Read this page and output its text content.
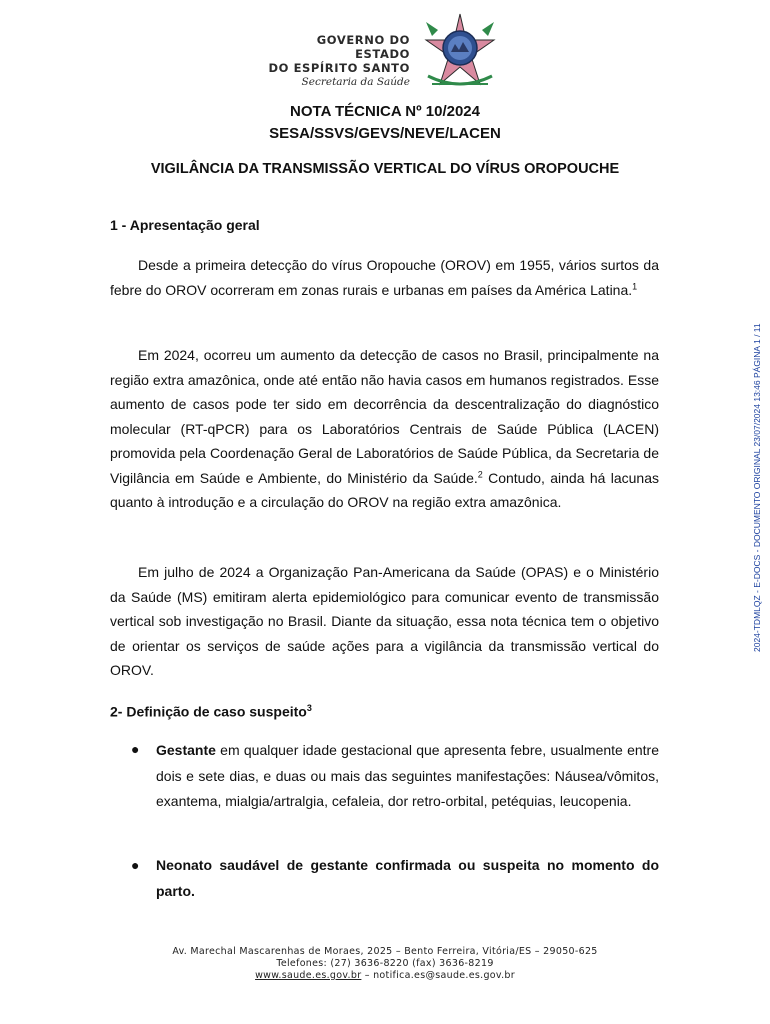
GOVERNO DO ESTADO
DO ESPÍRITO SANTO
Secretaria da Saúde
NOTA TÉCNICA Nº 10/2024
SESA/SSVS/GEVS/NEVE/LACEN
VIGILÂNCIA DA TRANSMISSÃO VERTICAL DO VÍRUS OROPOUCHE
1 - Apresentação geral
Desde a primeira detecção do vírus Oropouche (OROV) em 1955, vários surtos da febre do OROV ocorreram em zonas rurais e urbanas em países da América Latina.$^1$
Em 2024, ocorreu um aumento da detecção de casos no Brasil, principalmente na região extra amazônica, onde até então não havia casos em humanos registrados. Esse aumento de casos pode ter sido em decorrência da descentralização do diagnóstico molecular (RT-qPCR) para os Laboratórios Centrais de Saúde Pública (LACEN) promovida pela Coordenação Geral de Laboratórios de Saúde Pública, da Secretaria de Vigilância em Saúde e Ambiente, do Ministério da Saúde.$^2$ Contudo, ainda há lacunas quanto à introdução e a circulação do OROV na região extra amazônica.
Em julho de 2024 a Organização Pan-Americana da Saúde (OPAS) e o Ministério da Saúde (MS) emitiram alerta epidemiológico para comunicar evento de transmissão vertical sob investigação no Brasil. Diante da situação, essa nota técnica tem o objetivo de orientar os serviços de saúde ações para a vigilância da transmissão vertical do OROV.
2- Definição de caso suspeito$^3$
● Gestante em qualquer idade gestacional que apresenta febre, usualmente entre dois e sete dias, e duas ou mais das seguintes manifestações: Náusea/vômitos, exantema, mialgia/artralgia, cefaleia, dor retro-orbital, petéquias, leucopenia.
● Neonato saudável de gestante confirmada ou suspeita no momento do parto.
2024-TDMLQZ - E-DOCS - DOCUMENTO ORIGINAL 23/07/2024 13:46 PÁGINA 1 / 11
Av. Marechal Mascarenhas de Moraes, 2025 – Bento Ferreira, Vitória/ES – 29050-625
Telefones: (27) 3636-8220 (fax) 3636-8219
www.saude.es.gov.br – notifica.es@saude.es.gov.br
